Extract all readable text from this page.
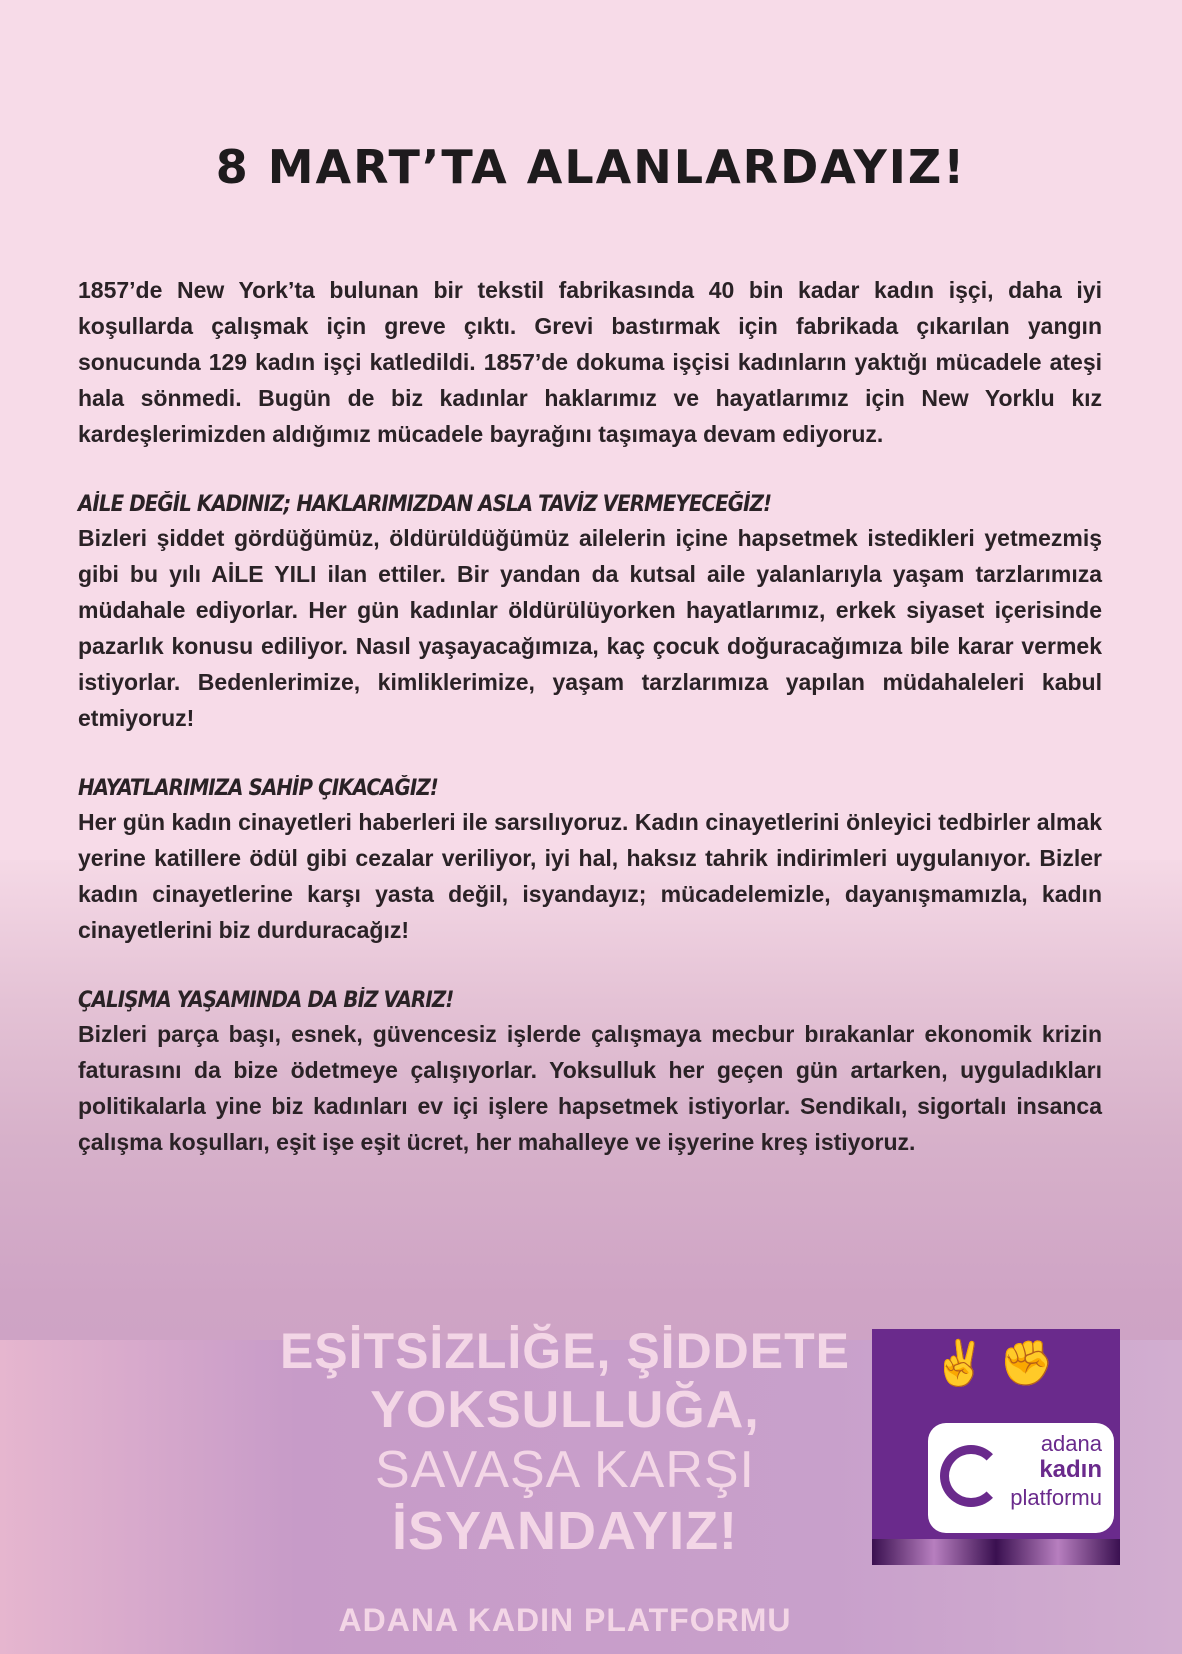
EŞİTSİZLİĞE, ŞİDDETE
YOKSULLUĞA,
SAVAŞA KARŞI
İSYANDAYIZ!
ADANA KADIN PLATFORMU
8 MART’TA ALANLARDAYIZ!

1857’de New York’ta bulunan bir tekstil fabrikasında 40 bin kadar kadın işçi, daha iyi koşullarda çalışmak için greve çıktı. Grevi bastırmak için fabrikada çıkarılan yangın sonucunda 129 kadın işçi katledildi. 1857’de dokuma işçisi kadınların yaktığı mücadele ateşi hala sönmedi. Bugün de biz kadınlar haklarımız ve hayatlarımız için New Yorklu kız kardeşlerimizden aldığımız mücadele bayrağını taşımaya devam ediyoruz.

AİLE DEĞİL KADINIZ; HAKLARIMIZDAN ASLA TAVİZ VERMEYECEĞİZ!

Bizleri şiddet gördüğümüz, öldürüldüğümüz ailelerin içine hapsetmek istedikleri yetmezmiş gibi bu yılı AİLE YILI ilan ettiler. Bir yandan da kutsal aile yalanlarıyla yaşam tarzlarımıza müdahale ediyorlar. Her gün kadınlar öldürülüyorken hayatlarımız, erkek siyaset içerisinde pazarlık konusu ediliyor. Nasıl yaşayacağımıza, kaç çocuk doğuracağımıza bile karar vermek istiyorlar. Bedenlerimize, kimliklerimize, yaşam tarzlarımıza yapılan müdahaleleri kabul etmiyoruz!

HAYATLARIMIZA SAHİP ÇIKACAĞIZ!

Her gün kadın cinayetleri haberleri ile sarsılıyoruz. Kadın cinayetlerini önleyici tedbirler almak yerine katillere ödül gibi cezalar veriliyor, iyi hal, haksız tahrik indirimleri uygulanıyor. Bizler kadın cinayetlerine karşı yasta değil, isyandayız; mücadelemizle, dayanışmamızla, kadın cinayetlerini biz durduracağız!

ÇALIŞMA YAŞAMINDA DA BİZ VARIZ!

Bizleri parça başı, esnek, güvencesiz işlerde çalışmaya mecbur bırakanlar ekonomik krizin faturasını da bize ödetmeye çalışıyorlar. Yoksulluk her geçen gün artarken, uyguladıkları politikalarla yine biz kadınları ev içi işlere hapsetmek istiyorlar. Sendikalı, sigortalı insanca çalışma koşulları, eşit işe eşit ücret, her mahalleye ve işyerine kreş istiyoruz.

✌ ✊
adana
kadın
platformu
